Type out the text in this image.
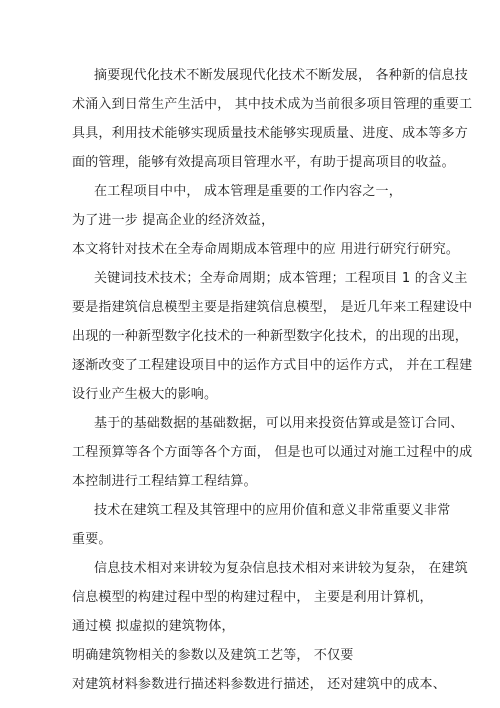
摘要现代化技术不断发展现代化技术不断发展， 各种新的信息技
术涌入到日常生产生活中， 其中技术成为当前很多项目管理的重要工
具具，利用技术能够实现质量技术能够实现质量、进度、成本等多方
面的管理，能够有效提高项目管理水平，有助于提高项目的收益。
在工程项目中中， 成本管理是重要的工作内容之一，
为了进一步 提高企业的经济效益，
本文将针对技术在全寿命周期成本管理中的应 用进行研究行研究。
关键词技术技术；全寿命周期；成本管理；工程项目 1 的含义主
要是指建筑信息模型主要是指建筑信息模型， 是近几年来工程建设中
出现的一种新型数字化技术的一种新型数字化技术，的出现的出现，
逐渐改变了工程建设项目中的运作方式目中的运作方式， 并在工程建
设行业产生极大的影响。
基于的基础数据的基础数据，可以用来投资估算或是签订合同、
工程预算等各个方面等各个方面， 但是也可以通过对施工过程中的成
本控制进行工程结算工程结算。
技术在建筑工程及其管理中的应用价值和意义非常重要义非常
重要。
信息技术相对来讲较为复杂信息技术相对来讲较为复杂， 在建筑
信息模型的构建过程中型的构建过程中， 主要是利用计算机，
通过模 拟虚拟的建筑物体，
明确建筑物相关的参数以及建筑工艺等， 不仅要
对建筑材料参数进行描述料参数进行描述， 还对建筑中的成本、
